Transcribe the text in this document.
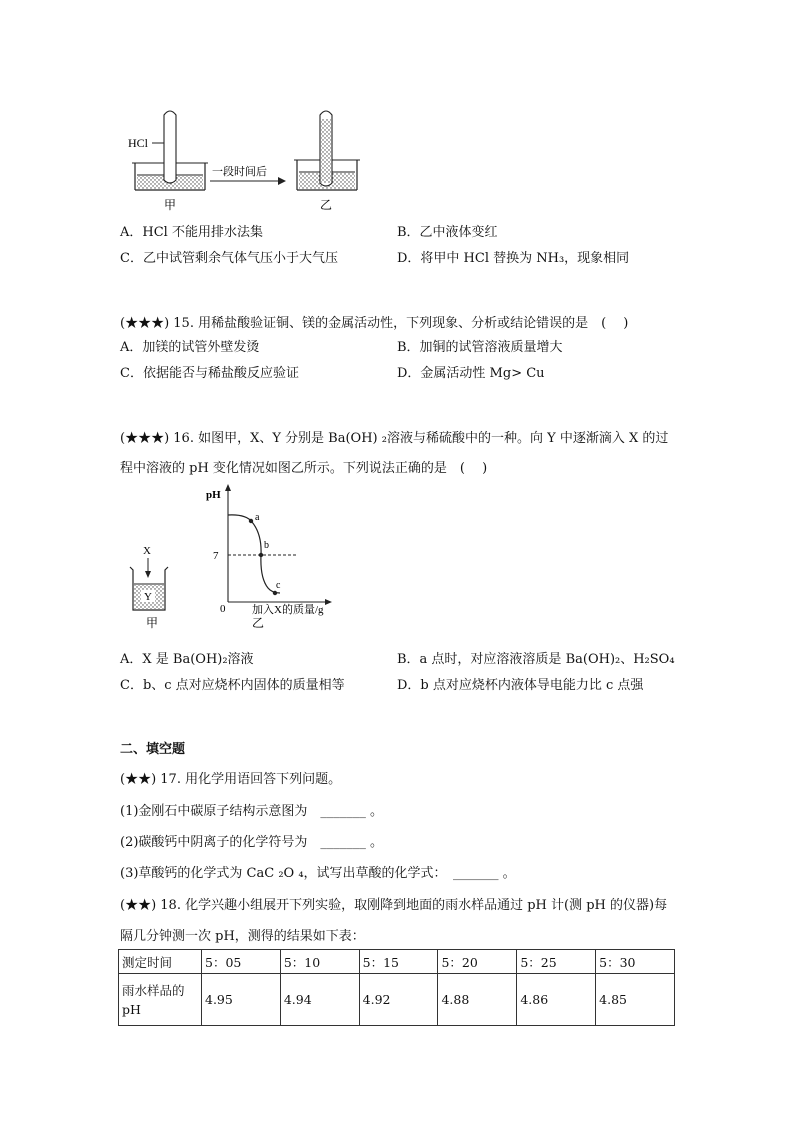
HCl
甲
一段时间后
乙
A．HCl 不能用排水法集	B．乙中液体变红
C．乙中试管剩余气体气压小于大气压	D．将甲中 HCl 替换为 NH₃，现象相同
(★★★) 15. 用稀盐酸验证铜、镁的金属活动性，下列现象、分析或结论错误的是　(　 )
A．加镁的试管外壁发烫	B．加铜的试管溶液质量增大
C．依据能否与稀盐酸反应验证	D．金属活动性 Mg> Cu
(★★★) 16. 如图甲，X、Y 分别是 Ba(OH) ₂溶液与稀硫酸中的一种。向 Y 中逐渐滴入 X 的过
程中溶液的 pH 变化情况如图乙所示。下列说法正确的是　(　 )
X
Y
甲
pH
7
0 加入X的质量/g
乙
a
b
c
A．X 是 Ba(OH)₂溶液	B．a 点时，对应溶液溶质是 Ba(OH)₂、H₂SO₄
C．b、c 点对应烧杯内固体的质量相等	D．b 点对应烧杯内液体导电能力比 c 点强
二、填空题
(★★) 17. 用化学用语回答下列问题。
(1)金刚石中碳原子结构示意图为　_______ 。
(2)碳酸钙中阴离子的化学符号为　_______ 。
(3)草酸钙的化学式为 CaC ₂O ₄，试写出草酸的化学式：　_______ 。
(★★) 18. 化学兴趣小组展开下列实验，取刚降到地面的雨水样品通过 pH 计(测 pH 的仪器)每
隔几分钟测一次 pH，测得的结果如下表：
测定时间	5：05	5：10	5：15	5：20	5：25	5：30
雨水样品的pH	4.95	4.94	4.92	4.88	4.86	4.85
